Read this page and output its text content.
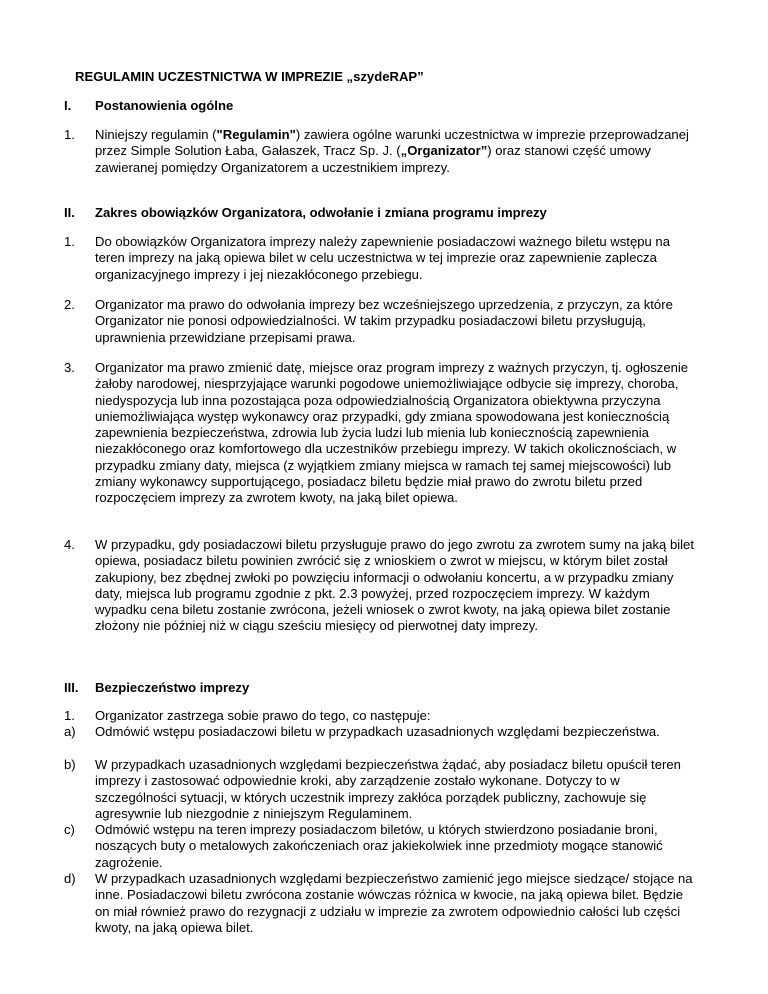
REGULAMIN UCZESTNICTWA W IMPREZIE „szydeRAP”
I. Postanowienia ogólne
1.	Niniejszy regulamin ("Regulamin") zawiera ogólne warunki uczestnictwa w imprezie przeprowadzanej przez Simple Solution Łaba, Gałaszek, Tracz Sp. J. („Organizator”) oraz stanowi część umowy zawieranej pomiędzy Organizatorem a uczestnikiem imprezy.
II. Zakres obowiązków Organizatora, odwołanie i zmiana programu imprezy
1.	Do obowiązków Organizatora imprezy należy zapewnienie posiadaczowi ważnego biletu wstępu na teren imprezy na jaką opiewa bilet w celu uczestnictwa w tej imprezie oraz zapewnienie zaplecza organizacyjnego imprezy i jej niezakłóconego przebiegu.
2.	Organizator ma prawo do odwołania imprezy bez wcześniejszego uprzedzenia, z przyczyn, za które Organizator nie ponosi odpowiedzialności. W takim przypadku posiadaczowi biletu przysługują, uprawnienia przewidziane przepisami prawa.
3.	Organizator ma prawo zmienić datę, miejsce oraz program imprezy z ważnych przyczyn, tj. ogłoszenie żałoby narodowej, niesprzyjające warunki pogodowe uniemożliwiające odbycie się imprezy, choroba, niedyspozycja lub inna pozostająca poza odpowiedzialnością Organizatora obiektywna przyczyna uniemożliwiająca występ wykonawcy oraz przypadki, gdy zmiana spowodowana jest koniecznością zapewnienia bezpieczeństwa, zdrowia lub życia ludzi lub mienia lub koniecznością zapewnienia niezakłóconego oraz komfortowego dla uczestników przebiegu imprezy. W takich okolicznościach, w przypadku zmiany daty, miejsca (z wyjątkiem zmiany miejsca w ramach tej samej miejscowości) lub zmiany wykonawcy supportującego, posiadacz biletu będzie miał prawo do zwrotu biletu przed rozpoczęciem imprezy za zwrotem kwoty, na jaką bilet opiewa.
4.	W przypadku, gdy posiadaczowi biletu przysługuje prawo do jego zwrotu za zwrotem sumy na jaką bilet opiewa, posiadacz biletu powinien zwrócić się z wnioskiem o zwrot w miejscu, w którym bilet został zakupiony, bez zbędnej zwłoki po powzięciu informacji o odwołaniu koncertu, a w przypadku zmiany daty, miejsca lub programu zgodnie z pkt. 2.3 powyżej, przed rozpoczęciem imprezy. W każdym wypadku cena biletu zostanie zwrócona, jeżeli wniosek o zwrot kwoty, na jaką opiewa bilet zostanie złożony nie później niż w ciągu sześciu miesięcy od pierwotnej daty imprezy.
III. Bezpieczeństwo imprezy
1.	Organizator zastrzega sobie prawo do tego, co następuje:
a)	Odmówić wstępu posiadaczowi biletu w przypadkach uzasadnionych względami bezpieczeństwa.
b)	W przypadkach uzasadnionych względami bezpieczeństwa żądać, aby posiadacz biletu opuścił teren imprezy i zastosować odpowiednie kroki, aby zarządzenie zostało wykonane. Dotyczy to w szczególności sytuacji, w których uczestnik imprezy zakłóca porządek publiczny, zachowuje się agresywnie lub niezgodnie z niniejszym Regulaminem.
c)	Odmówić wstępu na teren imprezy posiadaczom biletów, u których stwierdzono posiadanie broni, noszących buty o metalowych zakończeniach oraz jakiekolwiek inne przedmioty mogące stanowić zagrożenie.
d)	W przypadkach uzasadnionych względami bezpieczeństwo zamienić jego miejsce siedzące/ stojące na inne. Posiadaczowi biletu zwrócona zostanie wówczas różnica w kwocie, na jaką opiewa bilet. Będzie on miał również prawo do rezygnacji z udziału w imprezie za zwrotem odpowiednio całości lub części kwoty, na jaką opiewa bilet.
